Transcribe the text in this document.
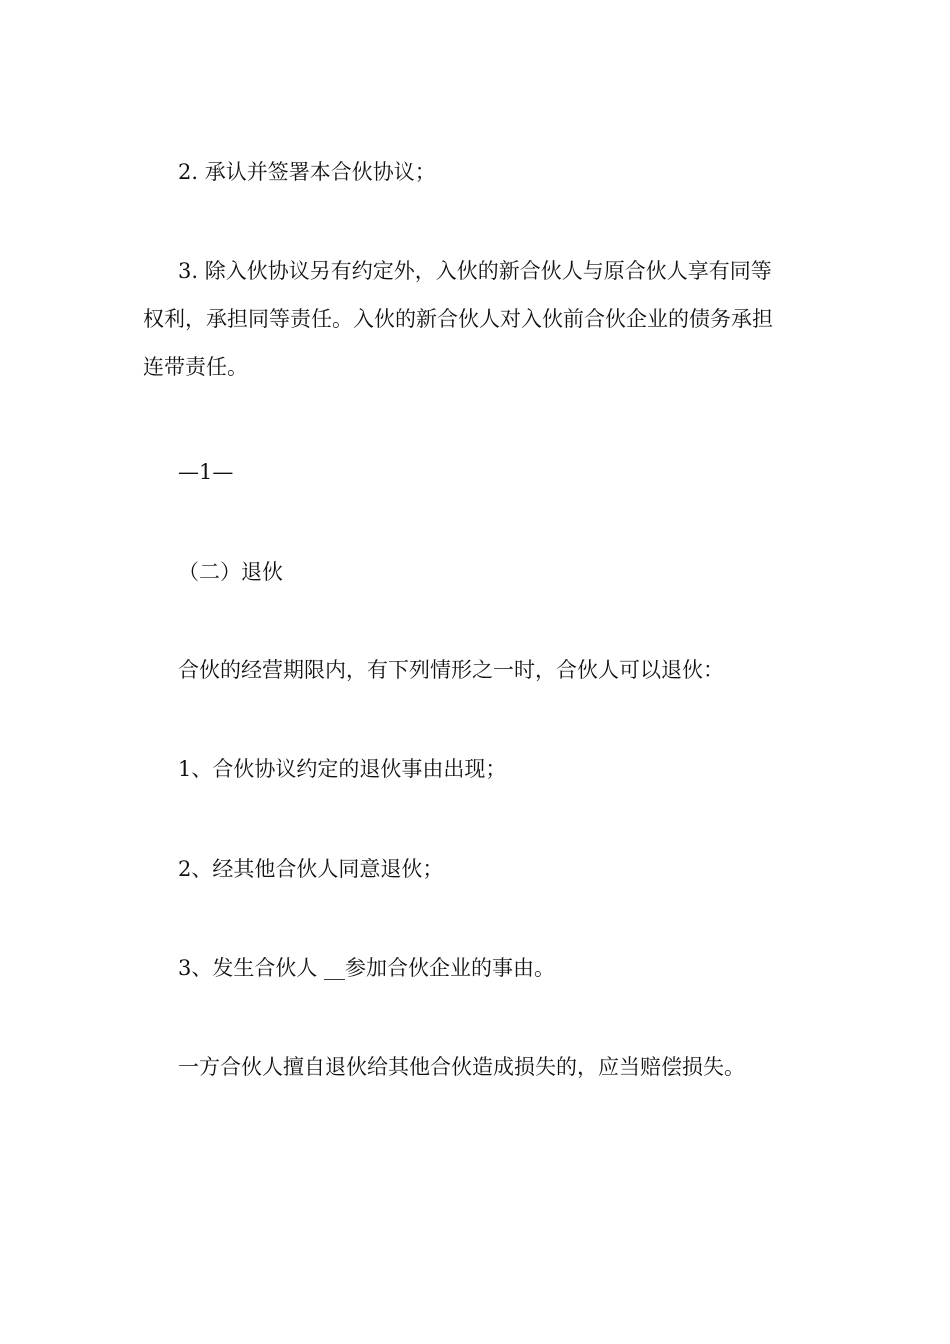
2. 承认并签署本合伙协议；

3. 除入伙协议另有约定外，入伙的新合伙人与原合伙人享有同等

权利，承担同等责任。入伙的新合伙人对入伙前合伙企业的债务承担

连带责任。

—1—

（二）退伙

合伙的经营期限内，有下列情形之一时，合伙人可以退伙：

1、合伙协议约定的退伙事由出现；

2、经其他合伙人同意退伙；

3、发生合伙人 __参加合伙企业的事由。

一方合伙人擅自退伙给其他合伙造成损失的，应当赔偿损失。
